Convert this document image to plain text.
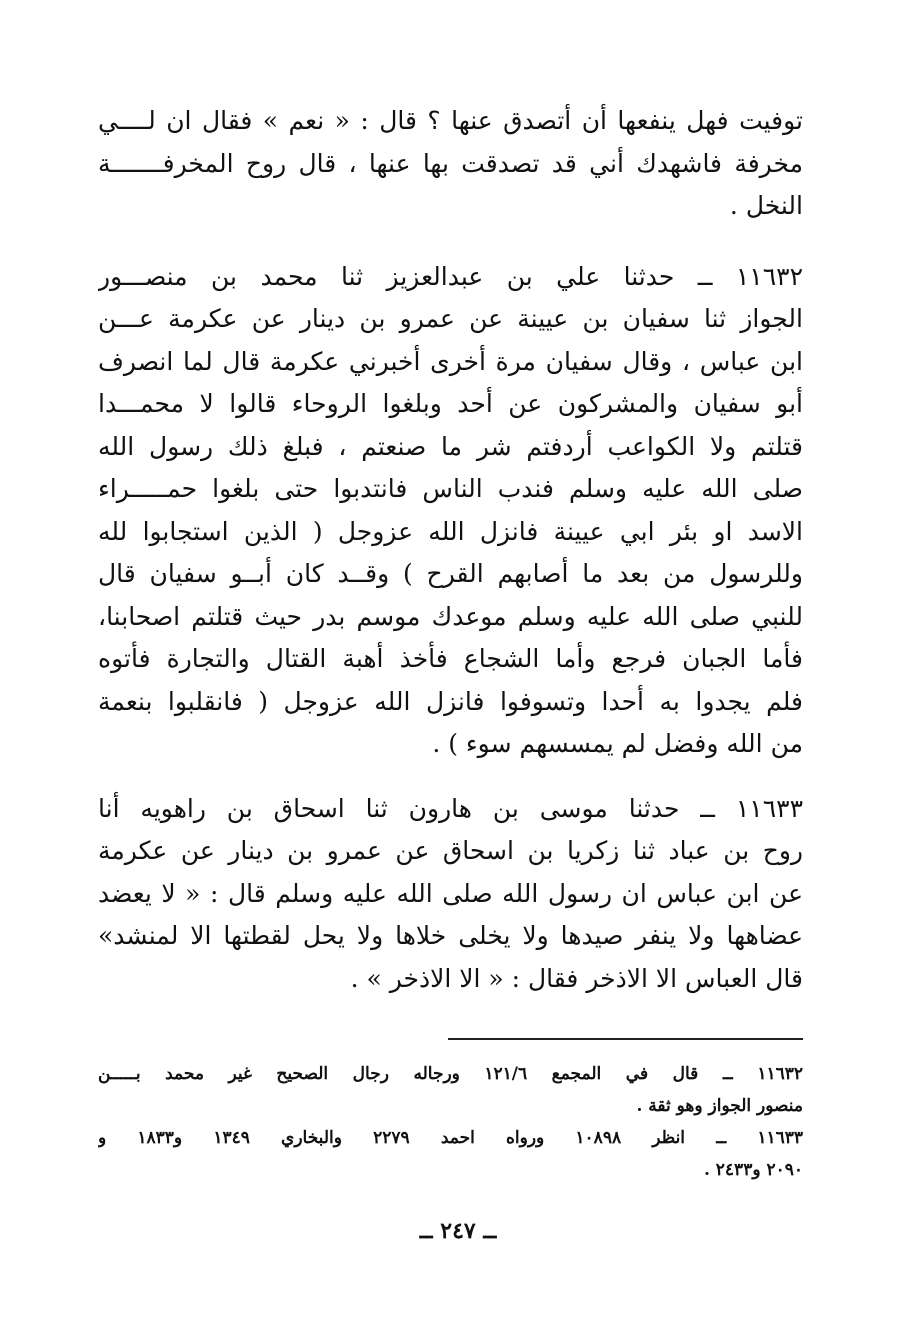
توفيت فهل ينفعها أن أتصدق عنها ؟ قال : « نعم » فقال ان لــــي
مخرفة فاشهدك أني قد تصدقت بها عنها ، قال روح المخرفـــــــة
النخل .
١١٦٣٢ ــ حدثنا علي بن عبدالعزيز ثنا محمد بن منصـــور
الجواز ثنا سفيان بن عيينة عن عمرو بن دينار عن عكرمة عـــن
ابن عباس ، وقال سفيان مرة أخرى أخبرني عكرمة قال لما انصرف
أبو سفيان والمشركون عن أحد وبلغوا الروحاء قالوا لا محمـــدا
قتلتم ولا الكواعب أردفتم شر ما صنعتم ، فبلغ ذلك رسول الله
صلى الله عليه وسلم فندب الناس فانتدبوا حتى بلغوا حمـــــراء
الاسد او بئر ابي عيينة فانزل الله عزوجل ( الذين استجابوا لله
وللرسول من بعد ما أصابهم القرح ) وقــد كان أبــو سفيان قال
للنبي صلى الله عليه وسلم موعدك موسم بدر حيث قتلتم اصحابنا،
فأما الجبان فرجع وأما الشجاع فأخذ أهبة القتال والتجارة فأتوه
فلم يجدوا به أحدا وتسوفوا فانزل الله عزوجل ( فانقلبوا بنعمة
من الله وفضل لم يمسسهم سوء ) .
١١٦٣٣ ــ حدثنا موسى بن هارون ثنا اسحاق بن راهويه أنا
روح بن عباد ثنا زكريا بن اسحاق عن عمرو بن دينار عن عكرمة
عن ابن عباس ان رسول الله صلى الله عليه وسلم قال : « لا يعضد
عضاهها ولا ينفر صيدها ولا يخلى خلاها ولا يحل لقطتها الا لمنشد»
قال العباس الا الاذخر فقال : « الا الاذخر » .
١١٦٣٢ ــ قال في المجمع ١٢١/٦ ورجاله رجال الصحيح غير محمد بـــــن
منصور الجواز وهو ثقة .
١١٦٣٣ ــ انظر ١٠٨٩٨ ورواه احمد ٢٢٧٩ والبخاري ١٣٤٩ و١٨٣٣ و
٢٠٩٠ و٢٤٣٣ .
ــ ٢٤٧ ــ
